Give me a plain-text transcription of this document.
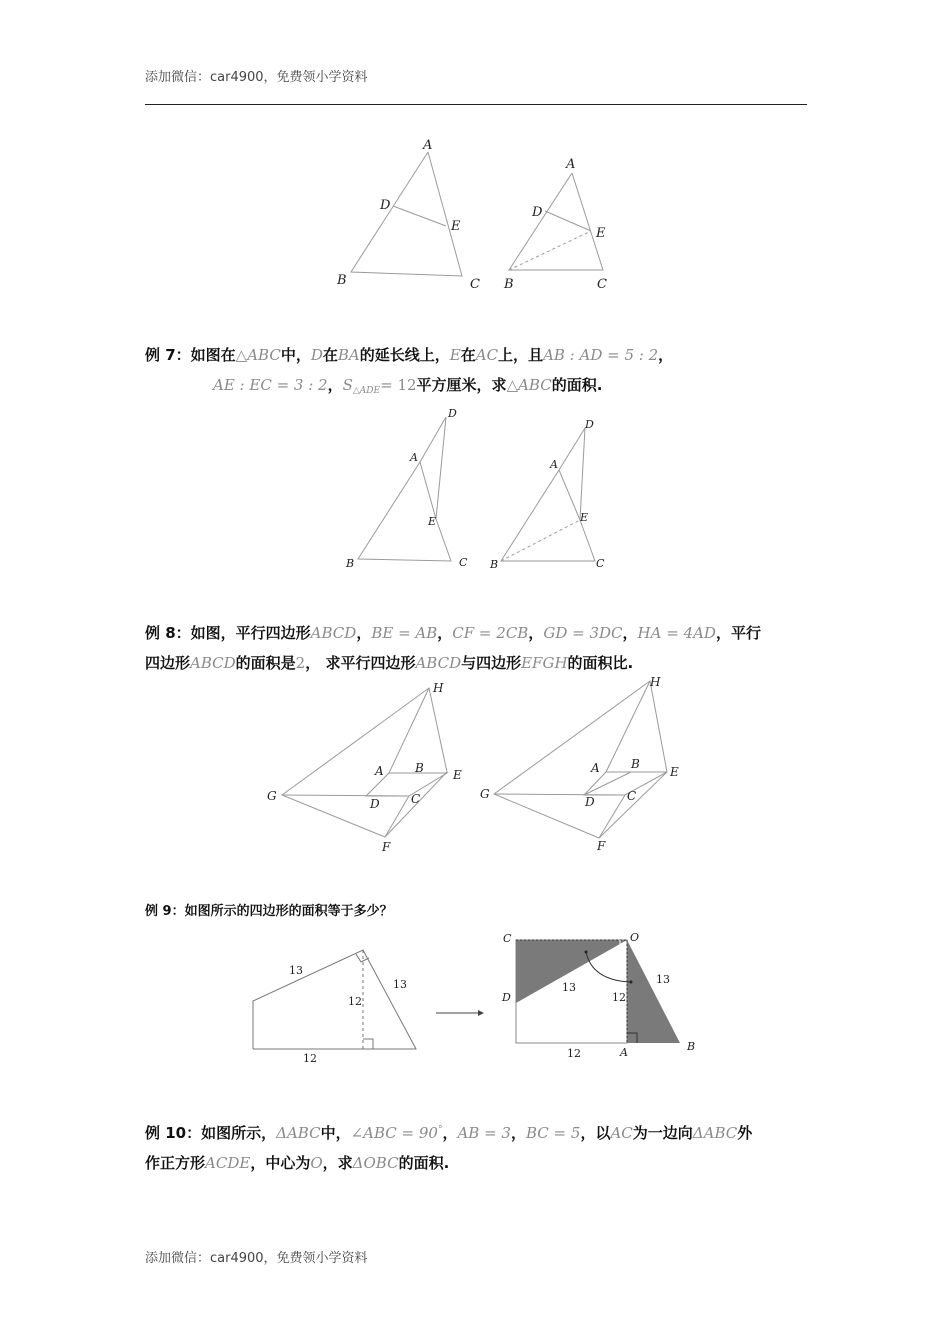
添加微信：car4900，免费领小学资料
A
D
E
B	C
A
D
E
B	C
D
A
E
B	C
D
A
E
B	C
H
A	B E
G
D	C
F
H
A	B
E
G
D	C
F
13
13
12
12
C	O
D
A	B
13
13
12
12
例 7：如图在△ABC中，D在BA的延长线上，E在AC上，且AB : AD = 5 : 2，
AE : EC = 3 : 2，$S_{\triangle ADE}= 12$平方厘米，求△ABC的面积.
例 8：如图，平行四边形ABCD，BE = AB，CF = 2CB，GD = 3DC，HA = 4AD，平行
四边形ABCD的面积是2， 求平行四边形ABCD与四边形EFGH的面积比.
例 9：如图所示的四边形的面积等于多少？
例 10：如图所示，ΔABC中，∠ABC = 90°，AB = 3，BC = 5，以AC为一边向ΔABC外
作正方形ACDE，中心为O，求ΔOBC的面积.
添加微信：car4900，免费领小学资料
